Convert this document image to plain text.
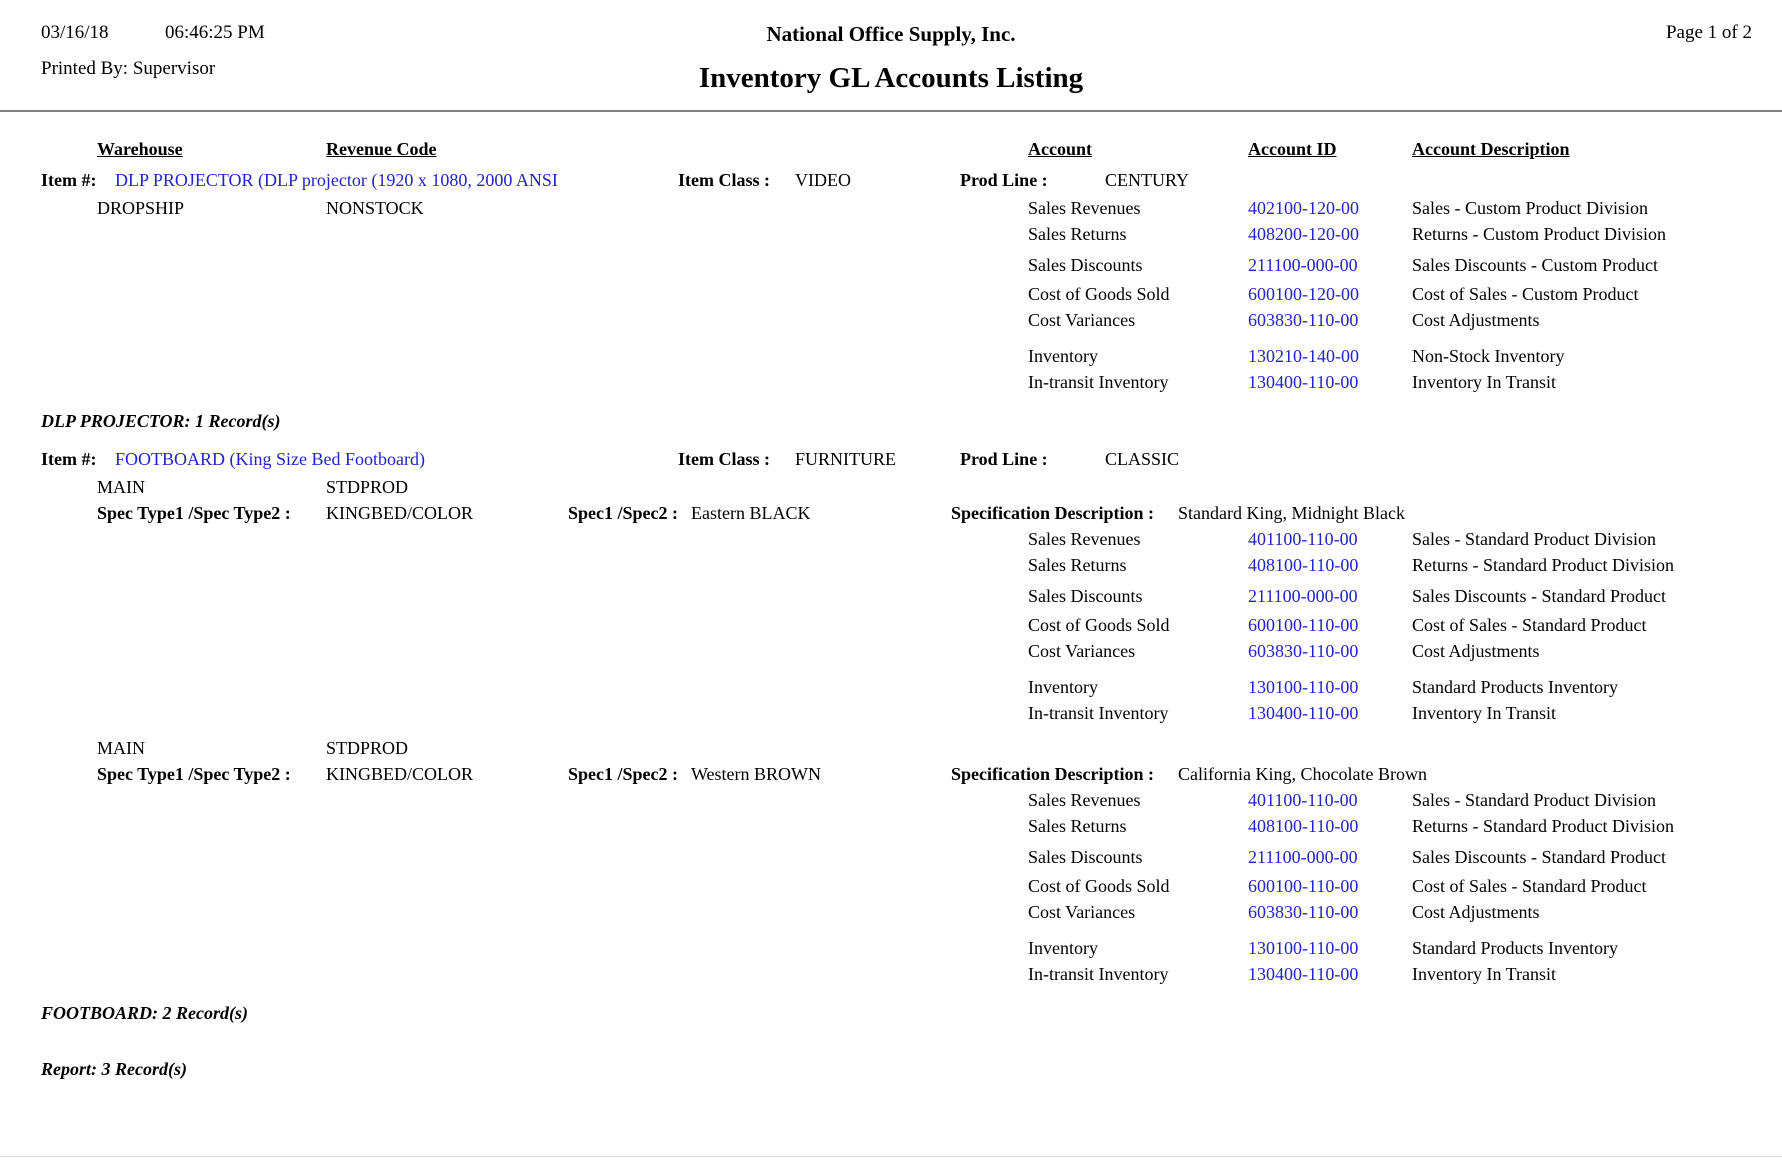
03/16/18	06:46:25 PM	National Office Supply, Inc.	Page 1 of 2
Printed By: Supervisor	Inventory GL Accounts Listing
Warehouse	Revenue Code	Account	Account ID	Account Description
Item #: DLP PROJECTOR (DLP projector (1920 x 1080, 2000 ANSI	Item Class : VIDEO	Prod Line :	CENTURY
DROPSHIP	NONSTOCK	Sales Revenues	402100-120-00	Sales - Custom Product Division
Sales Returns	408200-120-00	Returns - Custom Product Division
Sales Discounts	211100-000-00	Sales Discounts - Custom Product
Cost of Goods Sold	600100-120-00	Cost of Sales - Custom Product
Cost Variances	603830-110-00	Cost Adjustments
Inventory	130210-140-00	Non-Stock Inventory
In-transit Inventory	130400-110-00	Inventory In Transit
DLP PROJECTOR: 1 Record(s)
Item #: FOOTBOARD (King Size Bed Footboard)	Item Class : FURNITURE	Prod Line :	CLASSIC
MAIN	STDPROD
Spec Type1 /Spec Type2 : KINGBED/COLOR	Spec1 /Spec2 : Eastern BLACK	Specification Description : Standard King, Midnight Black
Sales Revenues	401100-110-00	Sales - Standard Product Division
Sales Returns	408100-110-00	Returns - Standard Product Division
Sales Discounts	211100-000-00	Sales Discounts - Standard Product
Cost of Goods Sold	600100-110-00	Cost of Sales - Standard Product
Cost Variances	603830-110-00	Cost Adjustments
Inventory	130100-110-00	Standard Products Inventory
In-transit Inventory	130400-110-00	Inventory In Transit
MAIN	STDPROD
Spec Type1 /Spec Type2 : KINGBED/COLOR	Spec1 /Spec2 : Western BROWN	Specification Description : California King, Chocolate Brown
Sales Revenues	401100-110-00	Sales - Standard Product Division
Sales Returns	408100-110-00	Returns - Standard Product Division
Sales Discounts	211100-000-00	Sales Discounts - Standard Product
Cost of Goods Sold	600100-110-00	Cost of Sales - Standard Product
Cost Variances	603830-110-00	Cost Adjustments
Inventory	130100-110-00	Standard Products Inventory
In-transit Inventory	130400-110-00	Inventory In Transit
FOOTBOARD: 2 Record(s)
Report: 3 Record(s)
